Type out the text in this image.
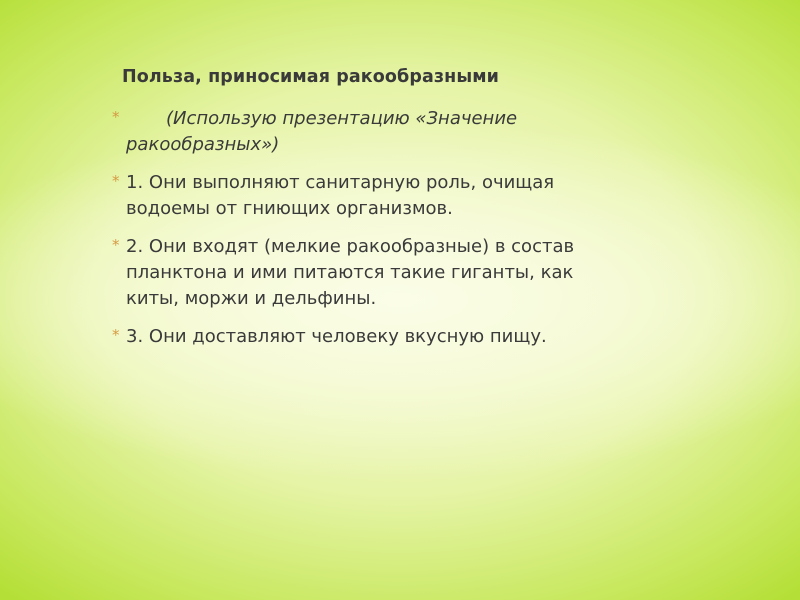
Польза, приносимая ракообразными
*	(Использую презентацию «Значение ракообразных»)
* 1. Они выполняют санитарную роль, очищая водоемы от гниющих организмов.
* 2. Они входят (мелкие ракообразные) в состав планктона и ими питаются такие гиганты, как киты, моржи и дельфины.
* 3. Они доставляют человеку вкусную пищу.
